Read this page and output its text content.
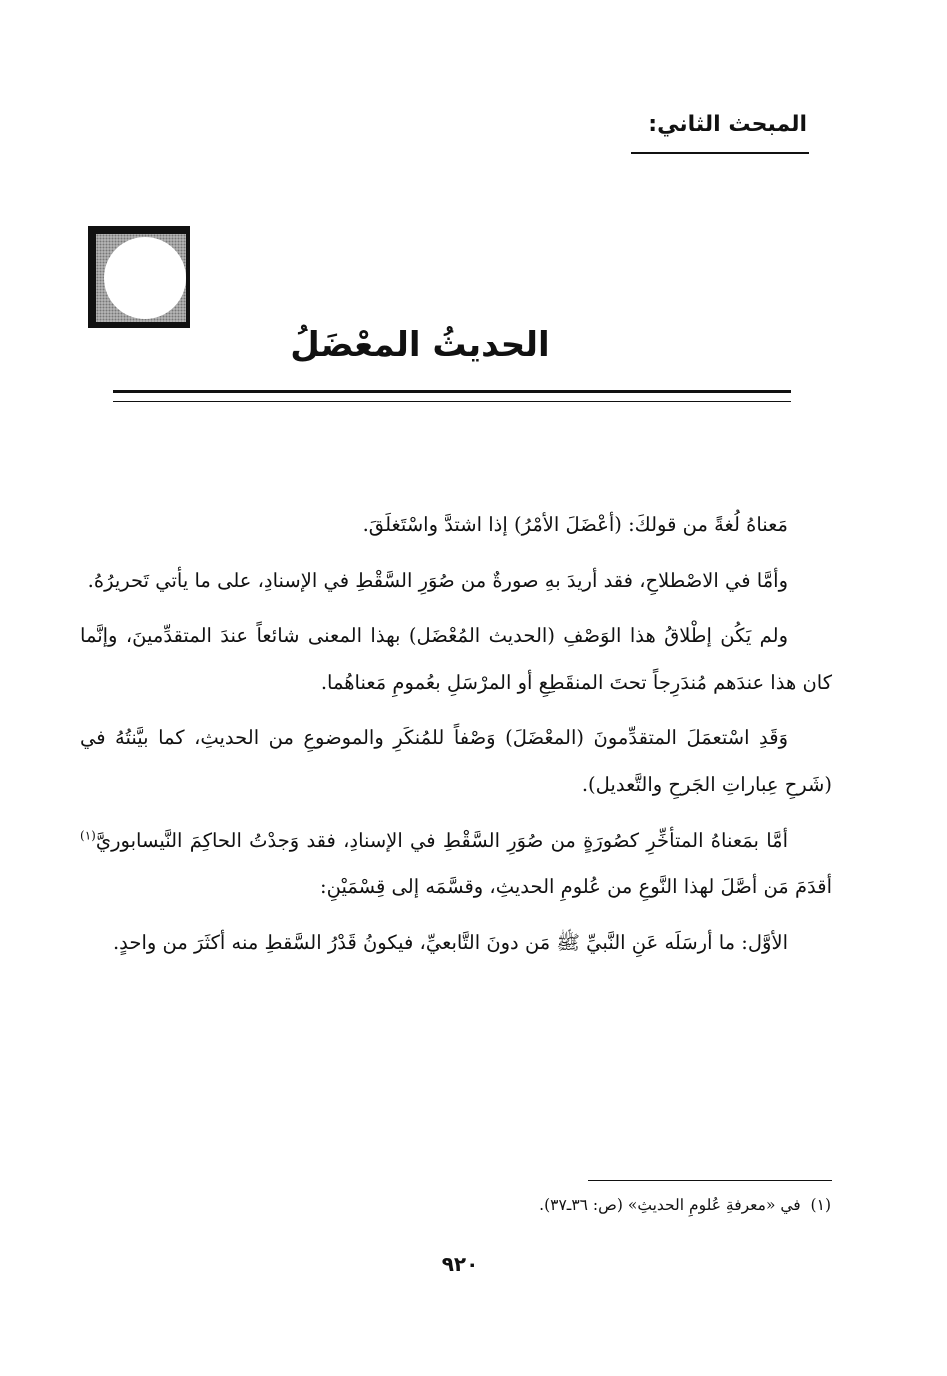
المبحث الثاني:
الحديثُ المعْضَلُ

مَعناهُ لُغةً من قولكَ: (أعْضَلَ الأمْرُ) إذا اشتدَّ واسْتَغلَقَ.

وأمَّا في الاصْطلاحِ، فقد أريدَ بهِ صورةٌ من صُوَرِ السَّقْطِ في الإسنادِ، على ما يأتي تَحريرُهُ.

ولم يَكُن إطْلاقُ هذا الوَصْفِ (الحديث المُعْضَل) بهذا المعنى شائعاً عندَ المتقدِّمينَ، وإنَّما كان هذا عندَهم مُندَرِجاً تحتَ المنقَطِعِ أو المرْسَلِ بعُمومِ مَعناهُما.

وَقَدِ اسْتعمَلَ المتقدِّمونَ (المعْضَلَ) وَصْفاً للمُنكَرِ والموضوعِ من الحديثِ، كما بيَّنتُهُ في (شَرحِ عِباراتِ الجَرحِ والتَّعديل).

أمَّا بمَعناهُ المتأخِّرِ كصُورَةٍ من صُوَرِ السَّقْطِ في الإسنادِ، فقد وَجدْتُ الحاكِمَ النَّيسابوريَّ$^{(١)}$ أقدَمَ مَن أصَّلَ لهذا النَّوعِ من عُلومِ الحديثِ، وقسَّمَه إلى قِسْمَيْنِ:

الأوَّل: ما أرسَلَه عَنِ النَّبيِّ ﷺ مَن دونَ التَّابعيِّ، فيكونُ قَدْرُ السَّقطِ منه أكثَرَ من واحدٍ.

(١)  في «معرفةِ عُلومِ الحديثِ» (ص: ٣٦ـ٣٧).
٩٢٠
